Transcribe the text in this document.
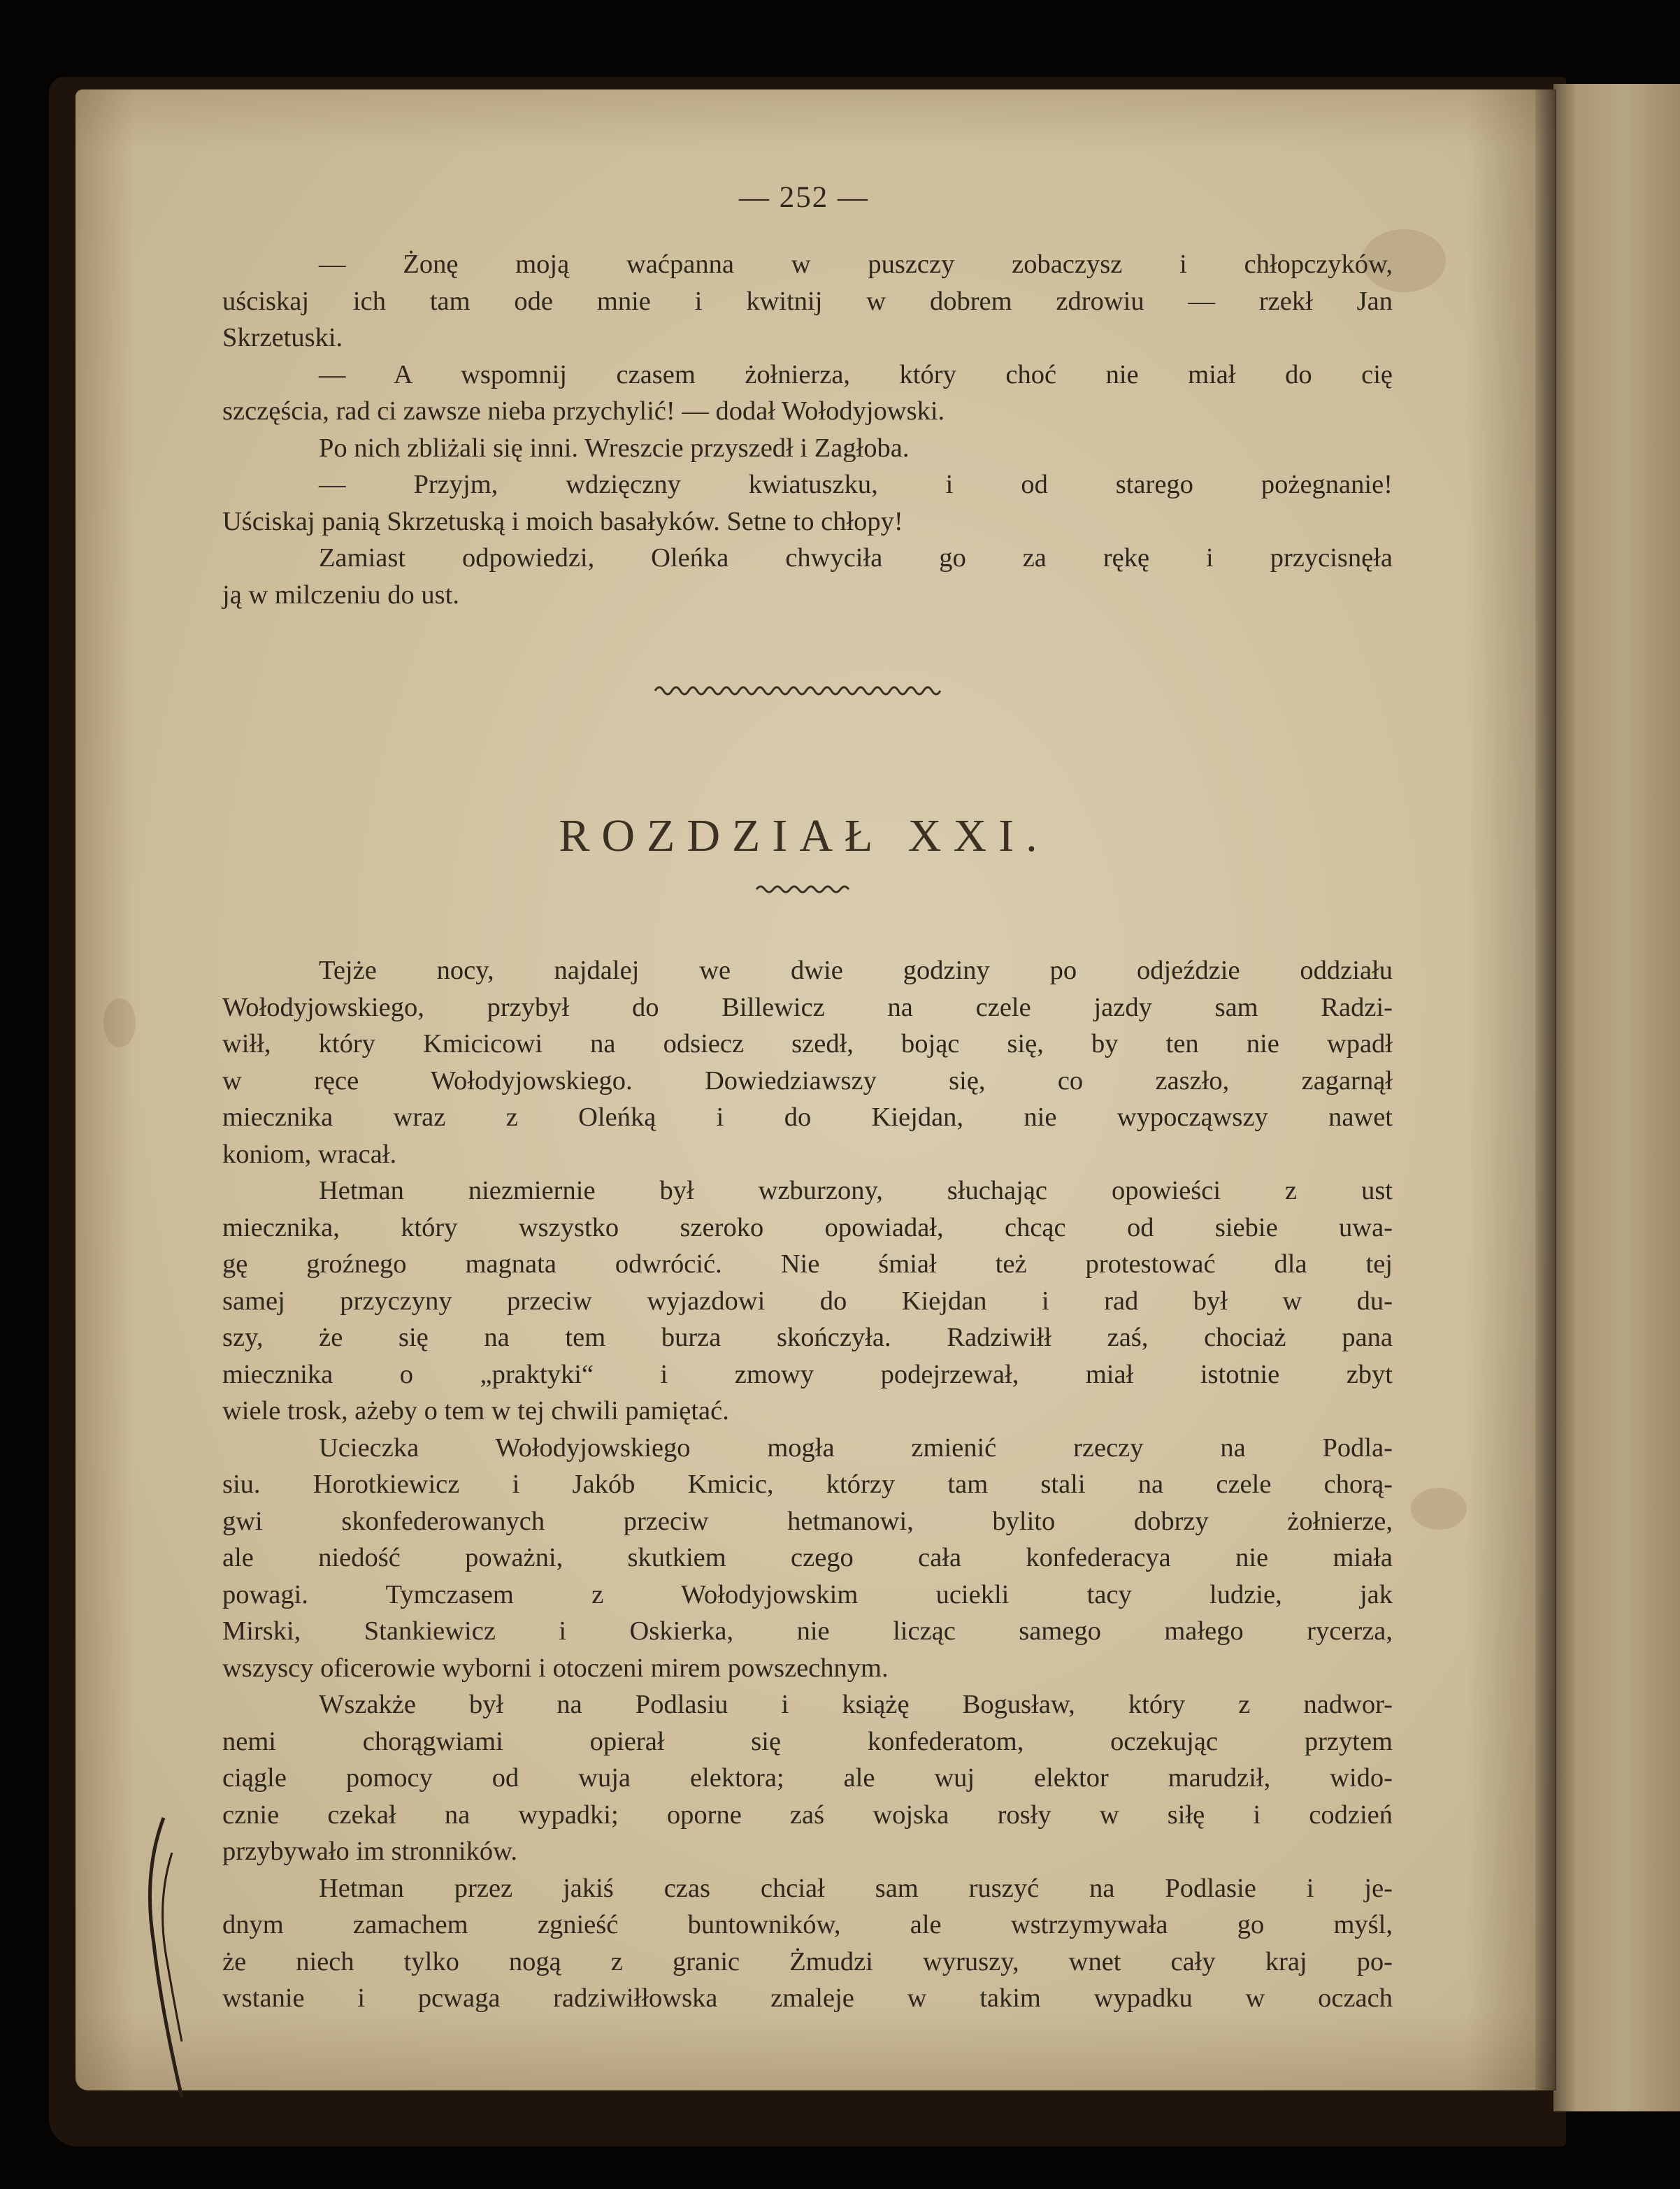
— 252 —
— Żonę moją waćpanna w puszczy zobaczysz i chłopczyków,
uściskaj ich tam ode mnie i kwitnij w dobrem zdrowiu — rzekł Jan
Skrzetuski.
— A wspomnij czasem żołnierza, który choć nie miał do cię
szczęścia, rad ci zawsze nieba przychylić! — dodał Wołodyjowski.
Po nich zbliżali się inni. Wreszcie przyszedł i Zagłoba.
— Przyjm, wdzięczny kwiatuszku, i od starego pożegnanie!
Uściskaj panią Skrzetuską i moich basałyków. Setne to chłopy!
Zamiast odpowiedzi, Oleńka chwyciła go za rękę i przycisnęła
ją w milczeniu do ust.
ROZDZIAŁ XXI.
Tejże nocy, najdalej we dwie godziny po odjeździe oddziału
Wołodyjowskiego, przybył do Billewicz na czele jazdy sam Radzi-
wiłł, który Kmicicowi na odsiecz szedł, bojąc się, by ten nie wpadł
w ręce Wołodyjowskiego. Dowiedziawszy się, co zaszło, zagarnął
miecznika wraz z Oleńką i do Kiejdan, nie wypocząwszy nawet
koniom, wracał.
Hetman niezmiernie był wzburzony, słuchając opowieści z ust
miecznika, który wszystko szeroko opowiadał, chcąc od siebie uwa-
gę groźnego magnata odwrócić. Nie śmiał też protestować dla tej
samej przyczyny przeciw wyjazdowi do Kiejdan i rad był w du-
szy, że się na tem burza skończyła. Radziwiłł zaś, chociaż pana
miecznika o „praktyki“ i zmowy podejrzewał, miał istotnie zbyt
wiele trosk, ażeby o tem w tej chwili pamiętać.
Ucieczka Wołodyjowskiego mogła zmienić rzeczy na Podla-
siu. Horotkiewicz i Jakób Kmicic, którzy tam stali na czele chorą-
gwi skonfederowanych przeciw hetmanowi, bylito dobrzy żołnierze,
ale niedość poważni, skutkiem czego cała konfederacya nie miała
powagi. Tymczasem z Wołodyjowskim uciekli tacy ludzie, jak
Mirski, Stankiewicz i Oskierka, nie licząc samego małego rycerza,
wszyscy oficerowie wyborni i otoczeni mirem powszechnym.
Wszakże był na Podlasiu i książę Bogusław, który z nadwor-
nemi chorągwiami opierał się konfederatom, oczekując przytem
ciągle pomocy od wuja elektora; ale wuj elektor marudził, wido-
cznie czekał na wypadki; oporne zaś wojska rosły w siłę i codzień
przybywało im stronników.
Hetman przez jakiś czas chciał sam ruszyć na Podlasie i je-
dnym zamachem zgnieść buntowników, ale wstrzymywała go myśl,
że niech tylko nogą z granic Żmudzi wyruszy, wnet cały kraj po-
wstanie i pcwaga radziwiłłowska zmaleje w takim wypadku w oczach
